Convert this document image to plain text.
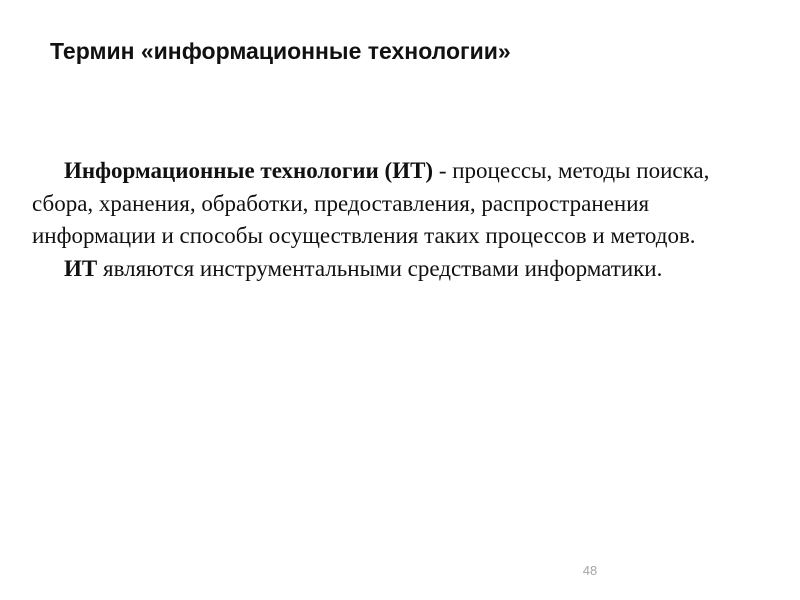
Термин «информационные технологии»

Информационные технологии (ИТ) - процессы, методы поиска, сбора, хранения, обработки, предоставления, распространения информации и способы осуществления таких процессов и методов.

ИТ являются инструментальными средствами информатики.

48
